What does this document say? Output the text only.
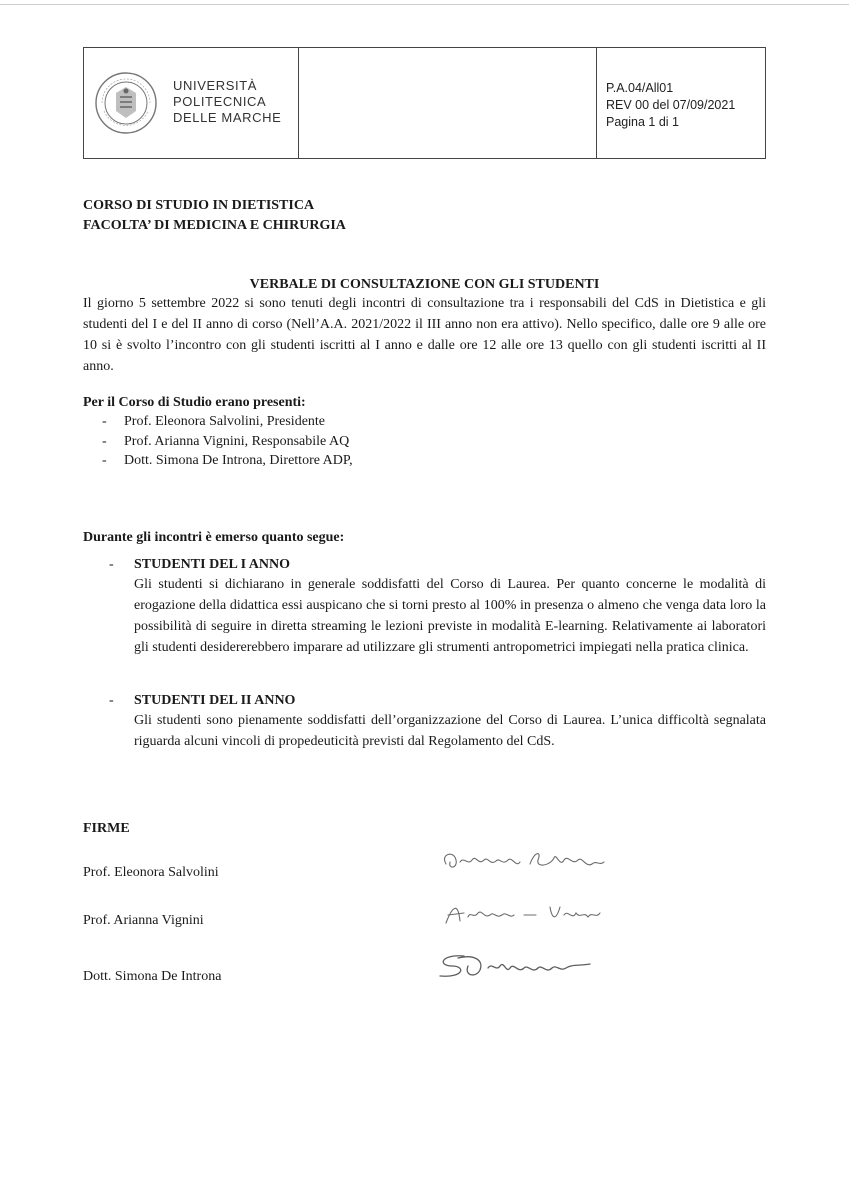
UNIVERSITÀ
POLITECNICA
DELLE MARCHE
P.A.04/All01
REV 00 del 07/09/2021
Pagina 1 di 1
CORSO DI STUDIO IN DIETISTICA
FACOLTA’ DI MEDICINA E CHIRURGIA
VERBALE DI CONSULTAZIONE CON GLI STUDENTI
Il giorno 5 settembre 2022 si sono tenuti degli incontri di consultazione tra i responsabili del CdS in Dietistica e gli studenti del I e del II anno di corso (Nell’A.A. 2021/2022 il III anno non era attivo). Nello specifico, dalle ore 9 alle ore 10 si è svolto l’incontro con gli studenti iscritti al I anno e dalle ore 12 alle ore 13 quello con gli studenti iscritti al II anno.
Per il Corso di Studio erano presenti:
- Prof. Eleonora Salvolini, Presidente
- Prof. Arianna Vignini, Responsabile AQ
- Dott. Simona De Introna, Direttore ADP,
Durante gli incontri è emerso quanto segue:
- STUDENTI DEL I ANNO
Gli studenti si dichiarano in generale soddisfatti del Corso di Laurea. Per quanto concerne le modalità di erogazione della didattica essi auspicano che si torni presto al 100% in presenza o almeno che venga data loro la possibilità di seguire in diretta streaming le lezioni previste in modalità E-learning. Relativamente ai laboratori gli studenti desidererebbero imparare ad utilizzare gli strumenti antropometrici impiegati nella pratica clinica.
- STUDENTI DEL II ANNO
Gli studenti sono pienamente soddisfatti dell’organizzazione del Corso di Laurea. L’unica difficoltà segnalata riguarda alcuni vincoli di propedeuticità previsti dal Regolamento del CdS.
FIRME
Prof. Eleonora Salvolini
Prof. Arianna Vignini
Dott. Simona De Introna
